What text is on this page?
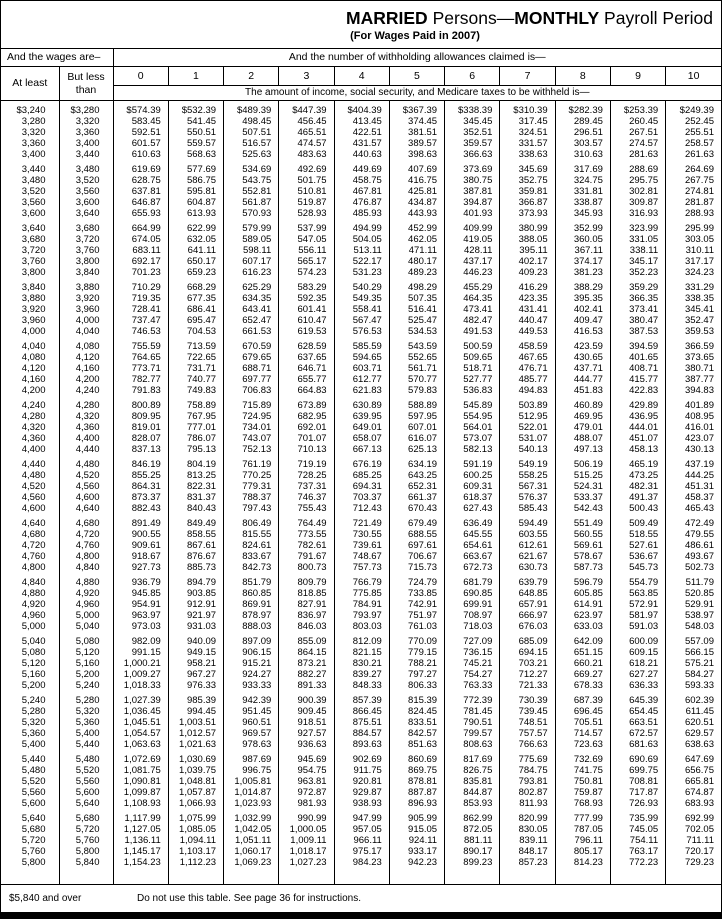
MARRIED Persons—MONTHLY Payroll Period
(For Wages Paid in 2007)
And the wages are–		And the number of withholding allowances claimed is—										
At least	But less than	0	1	2	3	4	5	6	7	8	9	10
		The amount of income, social security, and Medicare taxes to be withheld is—										
$3,240	$3,280	$574.39	$532.39	$489.39	$447.39	$404.39	$367.39	$338.39	$310.39	$282.39	$253.39	$249.39
3,280	3,320	583.45	541.45	498.45	456.45	413.45	374.45	345.45	317.45	289.45	260.45	252.45
3,320	3,360	592.51	550.51	507.51	465.51	422.51	381.51	352.51	324.51	296.51	267.51	255.51
3,360	3,400	601.57	559.57	516.57	474.57	431.57	389.57	359.57	331.57	303.57	274.57	258.57
3,400	3,440	610.63	568.63	525.63	483.63	440.63	398.63	366.63	338.63	310.63	281.63	261.63
3,440	3,480	619.69	577.69	534.69	492.69	449.69	407.69	373.69	345.69	317.69	288.69	264.69
3,480	3,520	628.75	586.75	543.75	501.75	458.75	416.75	380.75	352.75	324.75	295.75	267.75
3,520	3,560	637.81	595.81	552.81	510.81	467.81	425.81	387.81	359.81	331.81	302.81	274.81
3,560	3,600	646.87	604.87	561.87	519.87	476.87	434.87	394.87	366.87	338.87	309.87	281.87
3,600	3,640	655.93	613.93	570.93	528.93	485.93	443.93	401.93	373.93	345.93	316.93	288.93
3,640	3,680	664.99	622.99	579.99	537.99	494.99	452.99	409.99	380.99	352.99	323.99	295.99
3,680	3,720	674.05	632.05	589.05	547.05	504.05	462.05	419.05	388.05	360.05	331.05	303.05
3,720	3,760	683.11	641.11	598.11	556.11	513.11	471.11	428.11	395.11	367.11	338.11	310.11
3,760	3,800	692.17	650.17	607.17	565.17	522.17	480.17	437.17	402.17	374.17	345.17	317.17
3,800	3,840	701.23	659.23	616.23	574.23	531.23	489.23	446.23	409.23	381.23	352.23	324.23
3,840	3,880	710.29	668.29	625.29	583.29	540.29	498.29	455.29	416.29	388.29	359.29	331.29
3,880	3,920	719.35	677.35	634.35	592.35	549.35	507.35	464.35	423.35	395.35	366.35	338.35
3,920	3,960	728.41	686.41	643.41	601.41	558.41	516.41	473.41	431.41	402.41	373.41	345.41
3,960	4,000	737.47	695.47	652.47	610.47	567.47	525.47	482.47	440.47	409.47	380.47	352.47
4,000	4,040	746.53	704.53	661.53	619.53	576.53	534.53	491.53	449.53	416.53	387.53	359.53
4,040	4,080	755.59	713.59	670.59	628.59	585.59	543.59	500.59	458.59	423.59	394.59	366.59
4,080	4,120	764.65	722.65	679.65	637.65	594.65	552.65	509.65	467.65	430.65	401.65	373.65
4,120	4,160	773.71	731.71	688.71	646.71	603.71	561.71	518.71	476.71	437.71	408.71	380.71
4,160	4,200	782.77	740.77	697.77	655.77	612.77	570.77	527.77	485.77	444.77	415.77	387.77
4,200	4,240	791.83	749.83	706.83	664.83	621.83	579.83	536.83	494.83	451.83	422.83	394.83
4,240	4,280	800.89	758.89	715.89	673.89	630.89	588.89	545.89	503.89	460.89	429.89	401.89
4,280	4,320	809.95	767.95	724.95	682.95	639.95	597.95	554.95	512.95	469.95	436.95	408.95
4,320	4,360	819.01	777.01	734.01	692.01	649.01	607.01	564.01	522.01	479.01	444.01	416.01
4,360	4,400	828.07	786.07	743.07	701.07	658.07	616.07	573.07	531.07	488.07	451.07	423.07
4,400	4,440	837.13	795.13	752.13	710.13	667.13	625.13	582.13	540.13	497.13	458.13	430.13
4,440	4,480	846.19	804.19	761.19	719.19	676.19	634.19	591.19	549.19	506.19	465.19	437.19
4,480	4,520	855.25	813.25	770.25	728.25	685.25	643.25	600.25	558.25	515.25	473.25	444.25
4,520	4,560	864.31	822.31	779.31	737.31	694.31	652.31	609.31	567.31	524.31	482.31	451.31
4,560	4,600	873.37	831.37	788.37	746.37	703.37	661.37	618.37	576.37	533.37	491.37	458.37
4,600	4,640	882.43	840.43	797.43	755.43	712.43	670.43	627.43	585.43	542.43	500.43	465.43
4,640	4,680	891.49	849.49	806.49	764.49	721.49	679.49	636.49	594.49	551.49	509.49	472.49
4,680	4,720	900.55	858.55	815.55	773.55	730.55	688.55	645.55	603.55	560.55	518.55	479.55
4,720	4,760	909.61	867.61	824.61	782.61	739.61	697.61	654.61	612.61	569.61	527.61	486.61
4,760	4,800	918.67	876.67	833.67	791.67	748.67	706.67	663.67	621.67	578.67	536.67	493.67
4,800	4,840	927.73	885.73	842.73	800.73	757.73	715.73	672.73	630.73	587.73	545.73	502.73
4,840	4,880	936.79	894.79	851.79	809.79	766.79	724.79	681.79	639.79	596.79	554.79	511.79
4,880	4,920	945.85	903.85	860.85	818.85	775.85	733.85	690.85	648.85	605.85	563.85	520.85
4,920	4,960	954.91	912.91	869.91	827.91	784.91	742.91	699.91	657.91	614.91	572.91	529.91
4,960	5,000	963.97	921.97	878.97	836.97	793.97	751.97	708.97	666.97	623.97	581.97	538.97
5,000	5,040	973.03	931.03	888.03	846.03	803.03	761.03	718.03	676.03	633.03	591.03	548.03
5,040	5,080	982.09	940.09	897.09	855.09	812.09	770.09	727.09	685.09	642.09	600.09	557.09
5,080	5,120	991.15	949.15	906.15	864.15	821.15	779.15	736.15	694.15	651.15	609.15	566.15
5,120	5,160	1,000.21	958.21	915.21	873.21	830.21	788.21	745.21	703.21	660.21	618.21	575.21
5,160	5,200	1,009.27	967.27	924.27	882.27	839.27	797.27	754.27	712.27	669.27	627.27	584.27
5,200	5,240	1,018.33	976.33	933.33	891.33	848.33	806.33	763.33	721.33	678.33	636.33	593.33
5,240	5,280	1,027.39	985.39	942.39	900.39	857.39	815.39	772.39	730.39	687.39	645.39	602.39
5,280	5,320	1,036.45	994.45	951.45	909.45	866.45	824.45	781.45	739.45	696.45	654.45	611.45
5,320	5,360	1,045.51	1,003.51	960.51	918.51	875.51	833.51	790.51	748.51	705.51	663.51	620.51
5,360	5,400	1,054.57	1,012.57	969.57	927.57	884.57	842.57	799.57	757.57	714.57	672.57	629.57
5,400	5,440	1,063.63	1,021.63	978.63	936.63	893.63	851.63	808.63	766.63	723.63	681.63	638.63
5,440	5,480	1,072.69	1,030.69	987.69	945.69	902.69	860.69	817.69	775.69	732.69	690.69	647.69
5,480	5,520	1,081.75	1,039.75	996.75	954.75	911.75	869.75	826.75	784.75	741.75	699.75	656.75
5,520	5,560	1,090.81	1,048.81	1,005.81	963.81	920.81	878.81	835.81	793.81	750.81	708.81	665.81
5,560	5,600	1,099.87	1,057.87	1,014.87	972.87	929.87	887.87	844.87	802.87	759.87	717.87	674.87
5,600	5,640	1,108.93	1,066.93	1,023.93	981.93	938.93	896.93	853.93	811.93	768.93	726.93	683.93
5,640	5,680	1,117.99	1,075.99	1,032.99	990.99	947.99	905.99	862.99	820.99	777.99	735.99	692.99
5,680	5,720	1,127.05	1,085.05	1,042.05	1,000.05	957.05	915.05	872.05	830.05	787.05	745.05	702.05
5,720	5,760	1,136.11	1,094.11	1,051.11	1,009.11	966.11	924.11	881.11	839.11	796.11	754.11	711.11
5,760	5,800	1,145.17	1,103.17	1,060.17	1,018.17	975.17	933.17	890.17	848.17	805.17	763.17	720.17
5,800	5,840	1,154.23	1,112.23	1,069.23	1,027.23	984.23	942.23	899.23	857.23	814.23	772.23	729.23

$5,840 and over	Do not use this table. See page 36 for instructions.
